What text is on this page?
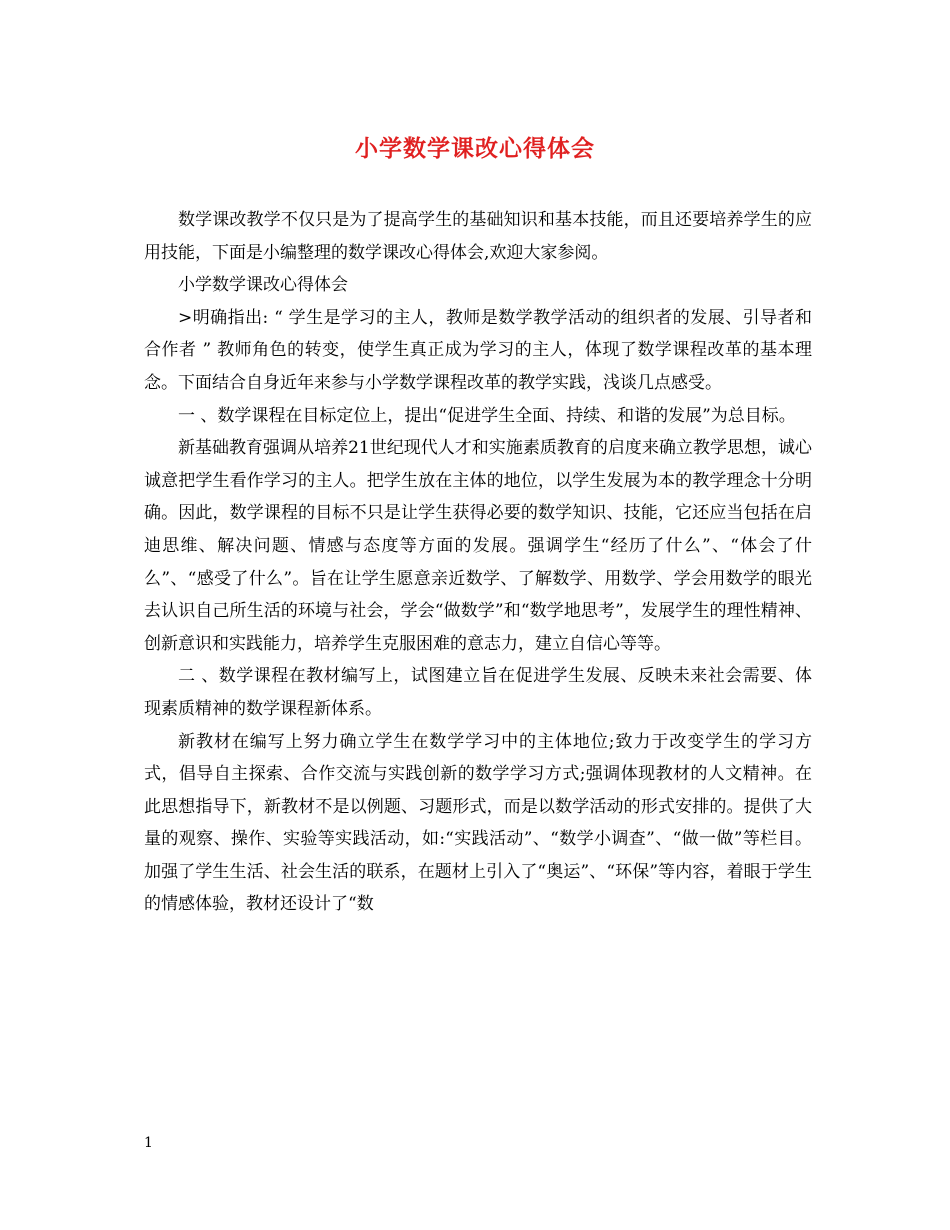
小学数学课改心得体会

数学课改教学不仅只是为了提高学生的基础知识和基本技能，而且还要培养学生的应用技能，下面是小编整理的数学课改心得体会,欢迎大家参阅。

小学数学课改心得体会

>明确指出: “ 学生是学习的主人，教师是数学教学活动的组织者的发展、引导者和合作者 ” 教师角色的转变，使学生真正成为学习的主人，体现了数学课程改革的基本理念。下面结合自身近年来参与小学数学课程改革的教学实践，浅谈几点感受。

一 、数学课程在目标定位上，提出“促进学生全面、持续、和谐的发展”为总目标。

新基础教育强调从培养21世纪现代人才和实施素质教育的启度来确立教学思想，诚心诚意把学生看作学习的主人。把学生放在主体的地位，以学生发展为本的教学理念十分明确。因此，数学课程的目标不只是让学生获得必要的数学知识、技能，它还应当包括在启迪思维、解决问题、情感与态度等方面的发展。强调学生“经历了什么”、“体会了什么”、“感受了什么”。旨在让学生愿意亲近数学、了解数学、用数学、学会用数学的眼光去认识自己所生活的环境与社会，学会“做数学”和“数学地思考”，发展学生的理性精神、创新意识和实践能力，培养学生克服困难的意志力，建立自信心等等。

二 、数学课程在教材编写上，试图建立旨在促进学生发展、反映未来社会需要、体现素质精神的数学课程新体系。

新教材在编写上努力确立学生在数学学习中的主体地位;致力于改变学生的学习方式，倡导自主探索、合作交流与实践创新的数学学习方式;强调体现教材的人文精神。在此思想指导下，新教材不是以例题、习题形式，而是以数学活动的形式安排的。提供了大量的观察、操作、实验等实践活动，如:“实践活动”、“数学小调查”、“做一做”等栏目。加强了学生生活、社会生活的联系，在题材上引入了“奥运”、“环保”等内容，着眼于学生的情感体验，教材还设计了“数

1
